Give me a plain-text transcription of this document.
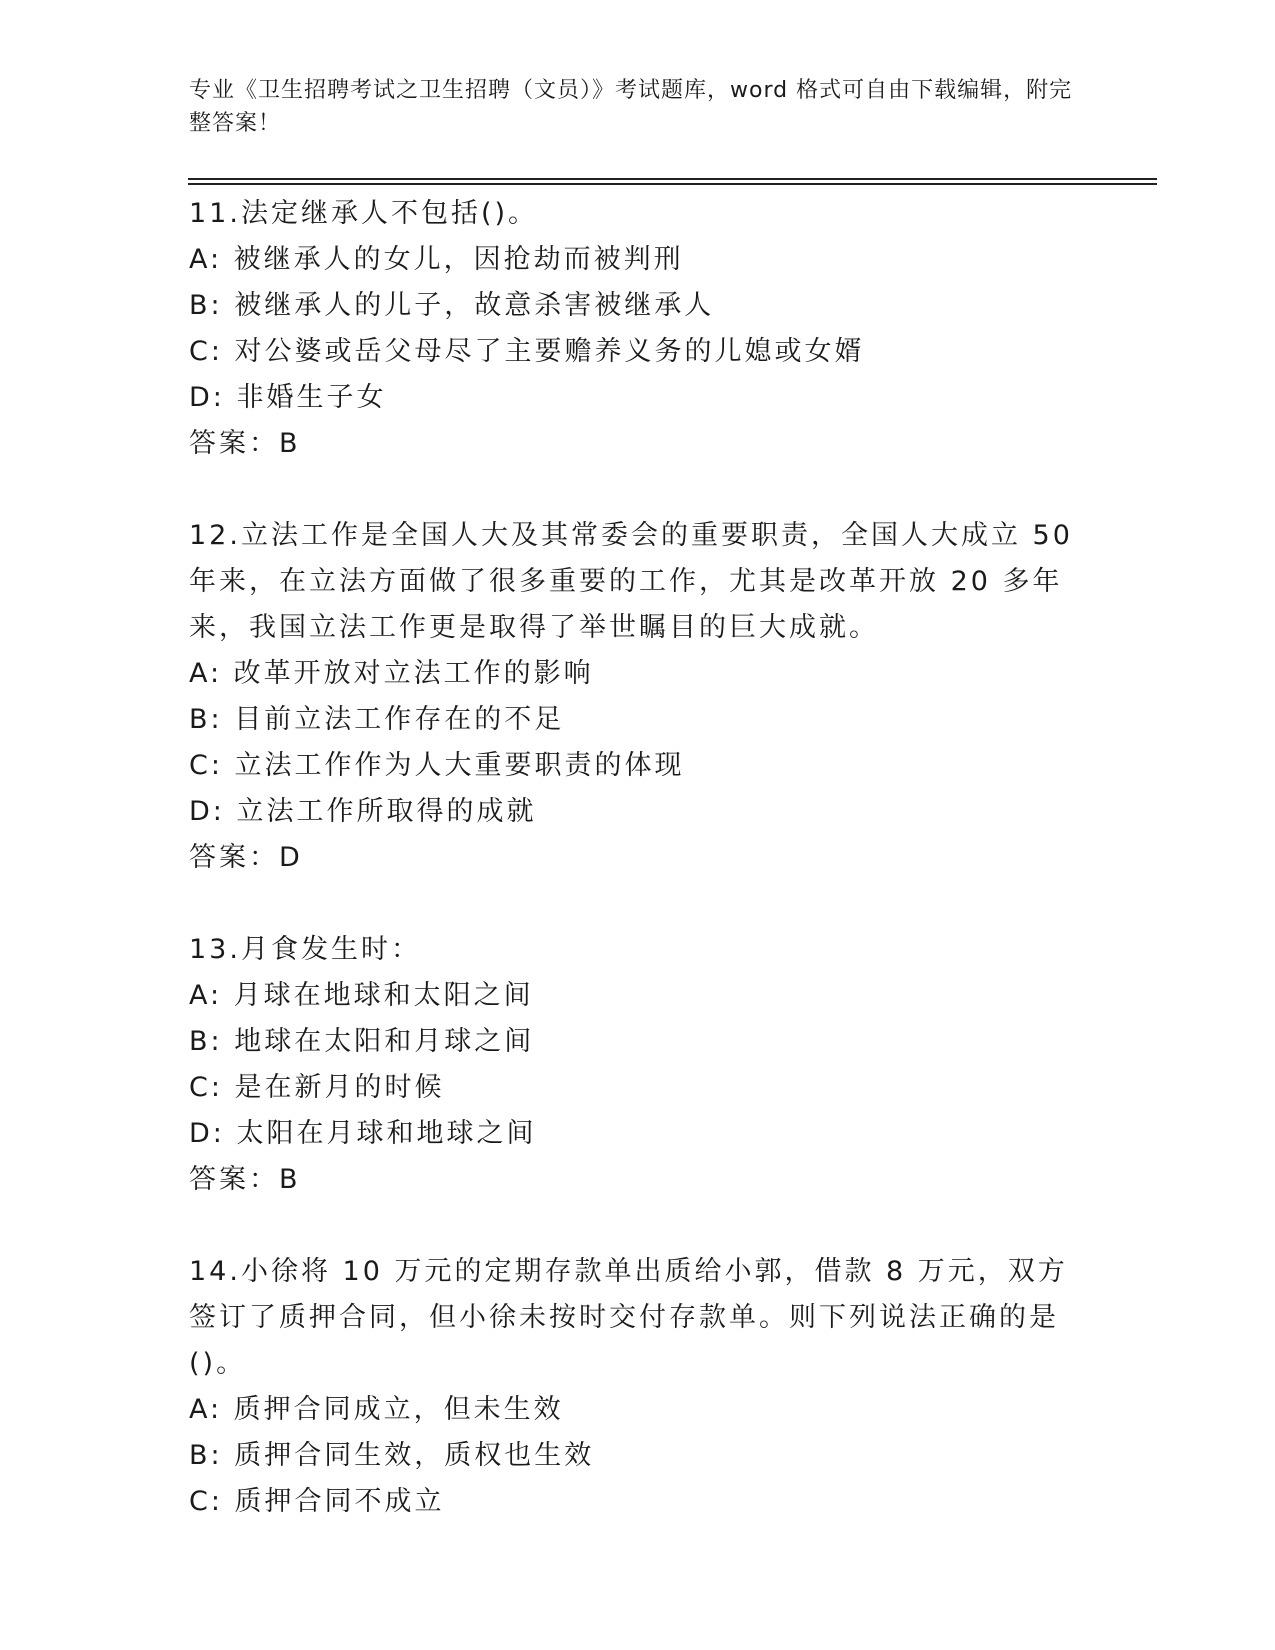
专业《卫生招聘考试之卫生招聘（文员）》考试题库，word 格式可自由下载编辑，附完整答案！
11.法定继承人不包括()。
A: 被继承人的女儿，因抢劫而被判刑
B: 被继承人的儿子，故意杀害被继承人
C: 对公婆或岳父母尽了主要赡养义务的儿媳或女婿
D: 非婚生子女
答案：B
12.立法工作是全国人大及其常委会的重要职责，全国人大成立 50 年来，在立法方面做了很多重要的工作，尤其是改革开放 20 多年来，我国立法工作更是取得了举世瞩目的巨大成就。
A: 改革开放对立法工作的影响
B: 目前立法工作存在的不足
C: 立法工作作为人大重要职责的体现
D: 立法工作所取得的成就
答案：D
13.月食发生时：
A: 月球在地球和太阳之间
B: 地球在太阳和月球之间
C: 是在新月的时候
D: 太阳在月球和地球之间
答案：B
14.小徐将 10 万元的定期存款单出质给小郭，借款 8 万元，双方签订了质押合同，但小徐未按时交付存款单。则下列说法正确的是()。
A: 质押合同成立，但未生效
B: 质押合同生效，质权也生效
C: 质押合同不成立
